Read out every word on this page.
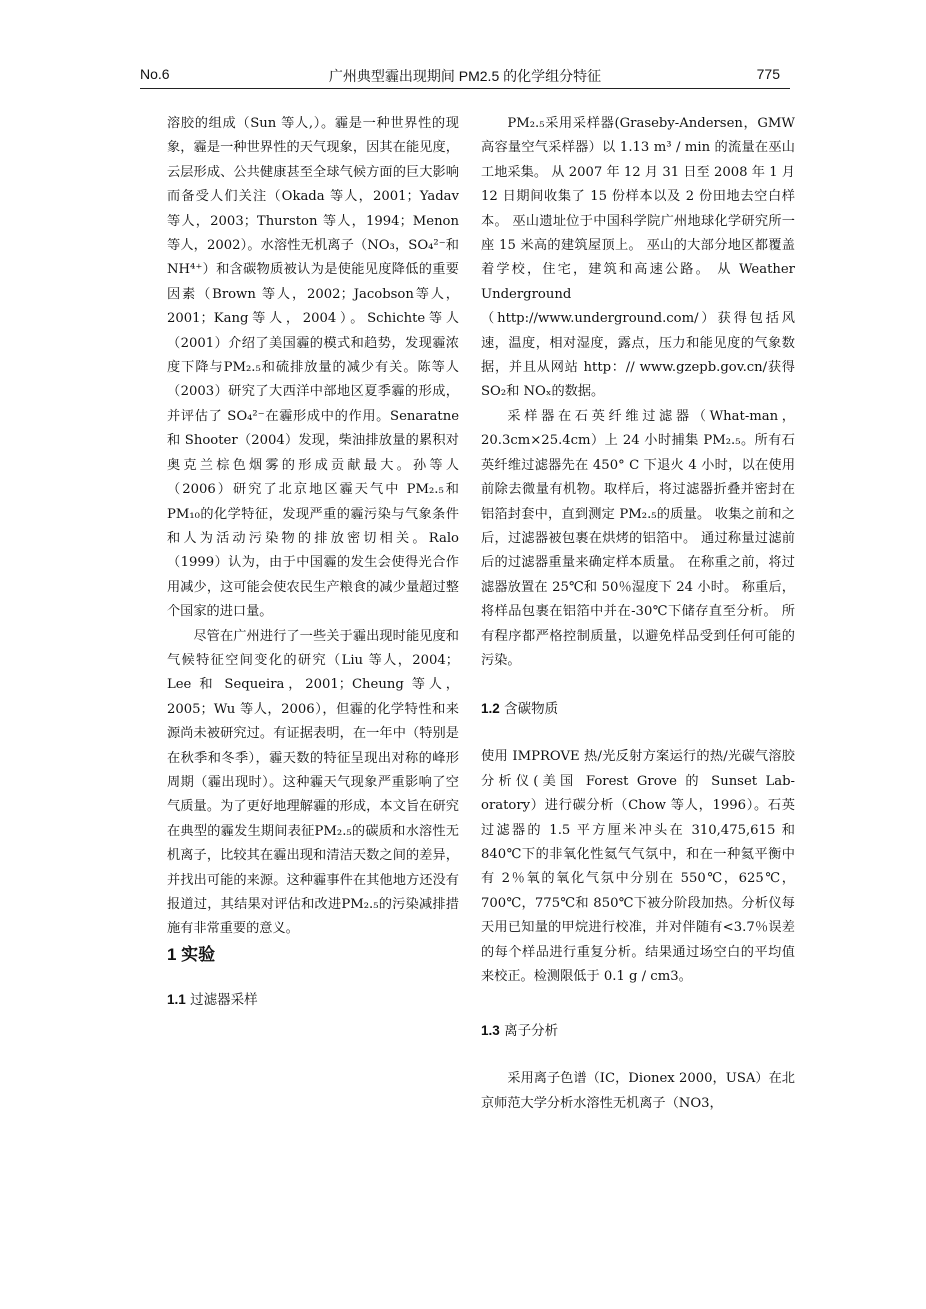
No.6	广州典型霾出现期间 PM2.5 的化学组分特征	775

溶胶的组成（Sun 等人,）。霾是一种世界性的现象，霾是一种世界性的天气现象，因其在能见度，云层形成、公共健康甚至全球气候方面的巨大影响而备受人们关注（Okada 等人，2001；Yadav 等人，2003；Thurston 等人，1994；Menon 等人，2002）。水溶性无机离子（NO₃，SO₄²⁻和 NH⁴⁺）和含碳物质被认为是使能见度降低的重要因素（Brown 等人，2002；Jacobson等人，2001；Kang等人，2004）。Schichte等人（2001）介绍了美国霾的模式和趋势，发现霾浓度下降与PM₂.₅和硫排放量的减少有关。陈等人 （2003）研究了大西洋中部地区夏季霾的形成，并评估了 SO₄²⁻在霾形成中的作用。Senaratne 和 Shooter（2004）发现，柴油排放量的累积对奥克兰棕色烟雾的形成贡献最大。孙等人 （2006）研究了北京地区霾天气中 PM₂.₅和 PM₁₀的化学特征，发现严重的霾污染与气象条件和人为活动污染物的排放密切相关。Ralo（1999）认为，由于中国霾的发生会使得光合作用减少，这可能会使农民生产粮食的减少量超过整个国家的进口量。

尽管在广州进行了一些关于霾出现时能见度和气候特征空间变化的研究（Liu 等人，2004；Lee 和 Sequeira，2001；Cheung 等人，2005；Wu 等人，2006），但霾的化学特性和来源尚未被研究过。有证据表明，在一年中（特别是在秋季和冬季），霾天数的特征呈现出对称的峰形周期（霾出现时）。这种霾天气现象严重影响了空气质量。为了更好地理解霾的形成，本文旨在研究在典型的霾发生期间表征PM₂.₅的碳质和水溶性无机离子，比较其在霾出现和清洁天数之间的差异，并找出可能的来源。这种霾事件在其他地方还没有报道过，其结果对评估和改进PM₂.₅的污染减排措施有非常重要的意义。

1 实验

1.1 过滤器采样

PM₂.₅采用采样器(Graseby-Andersen，GMW 高容量空气采样器）以 1.13 m³ / min 的流量在巫山工地采集。 从 2007 年 12 月 31 日至 2008 年 1 月 12 日期间收集了 15 份样本以及 2 份田地去空白样本。 巫山遗址位于中国科学院广州地球化学研究所一座 15 米高的建筑屋顶上。 巫山的大部分地区都覆盖着学校，住宅，建筑和高速公路。 从 Weather Underground （http://www.underground.com/）获得包括风速，温度，相对湿度，露点，压力和能见度的气象数据，并且从网站 http：// www.gzepb.gov.cn/获得 SO₂和 NOₓ的数据。

采样器在石英纤维过滤器（What-man，20.3cm×25.4cm）上 24 小时捕集 PM₂.₅。所有石英纤维过滤器先在 450° C 下退火 4 小时，以在使用前除去微量有机物。取样后，将过滤器折叠并密封在铝箔封套中，直到测定 PM₂.₅的质量。 收集之前和之后，过滤器被包裹在烘烤的铝箔中。 通过称量过滤前后的过滤器重量来确定样本质量。 在称重之前，将过滤器放置在 25℃和 50％湿度下 24 小时。 称重后，将样品包裹在铝箔中并在-30℃下储存直至分析。 所有程序都严格控制质量，以避免样品受到任何可能的污染。

1.2 含碳物质

使用 IMPROVE 热/光反射方案运行的热/光碳气溶胶分析仪(美国 Forest Grove 的 Sunset Lab-oratory）进行碳分析（Chow 等人，1996）。石英过滤器的 1.5 平方厘米冲头在 310,475,615 和 840℃下的非氧化性氦气气氛中，和在一种氦平衡中有 2％氧的氧化气氛中分别在 550℃，625℃，700℃，775℃和 850℃下被分阶段加热。分析仪每天用已知量的甲烷进行校准，并对伴随有<3.7％误差的每个样品进行重复分析。结果通过场空白的平均值来校正。检测限低于 0.1 g / cm3。

1.3 离子分析

采用离子色谱（IC，Dionex 2000，USA）在北京师范大学分析水溶性无机离子（NO3，
